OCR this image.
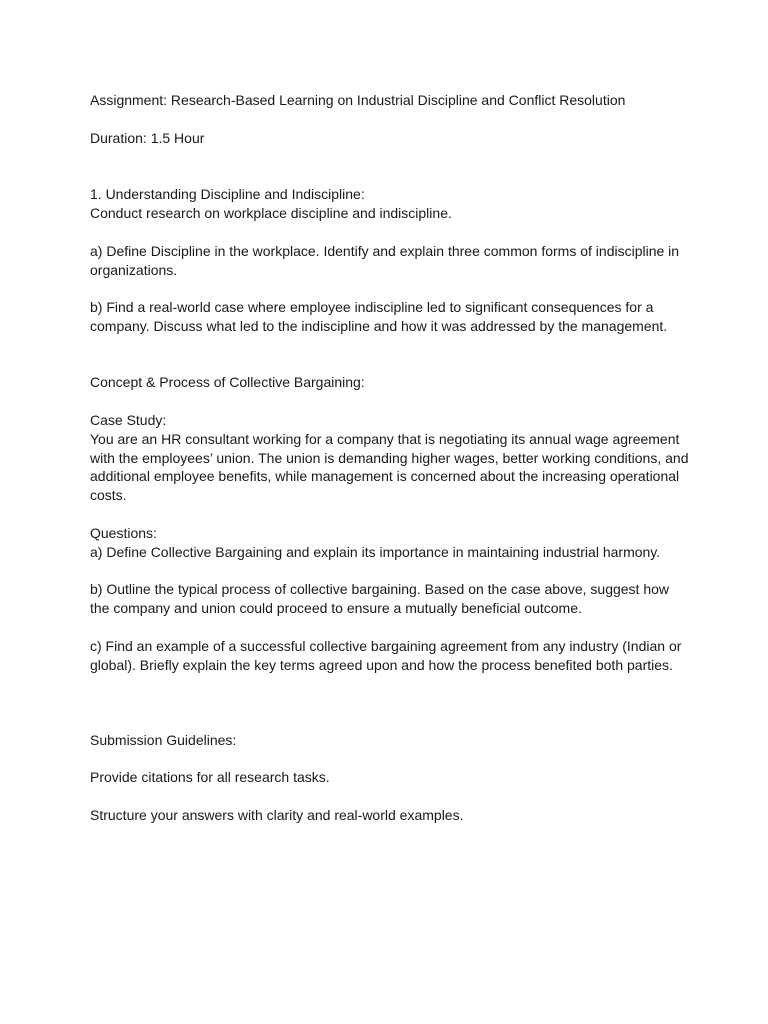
Assignment: Research-Based Learning on Industrial Discipline and Conflict Resolution

Duration: 1.5 Hour

1. Understanding Discipline and Indiscipline:

Conduct research on workplace discipline and indiscipline.

a) Define Discipline in the workplace. Identify and explain three common forms of indiscipline in organizations.

b) Find a real-world case where employee indiscipline led to significant consequences for a company. Discuss what led to the indiscipline and how it was addressed by the management.

Concept & Process of Collective Bargaining:

Case Study:

You are an HR consultant working for a company that is negotiating its annual wage agreement with the employees’ union. The union is demanding higher wages, better working conditions, and additional employee benefits, while management is concerned about the increasing operational costs.

Questions:

a) Define Collective Bargaining and explain its importance in maintaining industrial harmony.

b) Outline the typical process of collective bargaining. Based on the case above, suggest how the company and union could proceed to ensure a mutually beneficial outcome.

c) Find an example of a successful collective bargaining agreement from any industry (Indian or global). Briefly explain the key terms agreed upon and how the process benefited both parties.

Submission Guidelines:

Provide citations for all research tasks.

Structure your answers with clarity and real-world examples.
